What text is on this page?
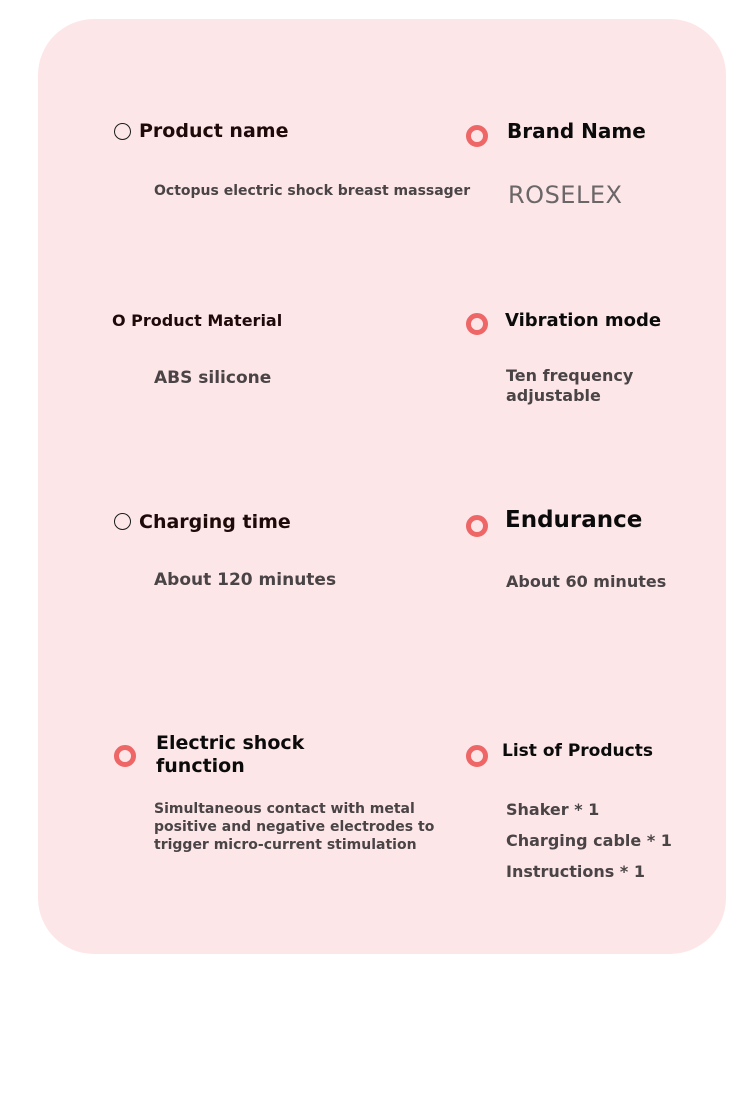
Product name
Octopus electric shock breast massager
Brand Name
ROSELEX
O Product Material
ABS silicone
Vibration mode
Ten frequency
adjustable
Charging time
About 120 minutes
Endurance
About 60 minutes
Electric shock
function
Simultaneous contact with metal
positive and negative electrodes to
trigger micro-current stimulation
List of Products
Shaker * 1
Charging cable * 1
Instructions * 1
